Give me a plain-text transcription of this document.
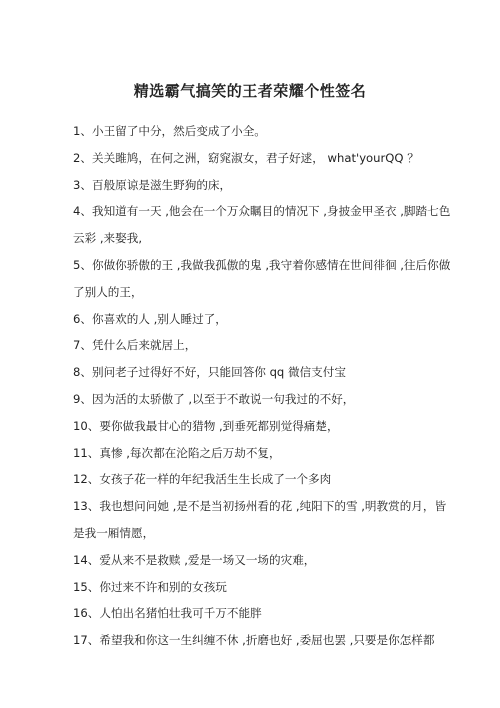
精选霸气搞笑的王者荣耀个性签名
1、小王留了中分，然后变成了小全。
2、关关雎鸠，在何之洲，窈窕淑女，君子好逑， what'yourQQ ？
3、百般原谅是滋生野狗的床，
4、我知道有一天 ,他会在一个万众瞩目的情况下 ,身披金甲圣衣 ,脚踏七色云彩 ,来娶我,
5、你做你骄傲的王 ,我做我孤傲的鬼 ,我守着你感情在世间徘徊 ,往后你做了别人的王，
6、你喜欢的人 ,别人睡过了，
7、凭什么后来就居上，
8、别问老子过得好不好，只能回答你 qq 微信支付宝
9、因为活的太骄傲了 ,以至于不敢说一句我过的不好，
10、要你做我最甘心的猎物 ,到垂死都别觉得痛楚，
11、真惨 ,每次都在沦陷之后万劫不复，
12、女孩子花一样的年纪我活生生长成了一个多肉
13、我也想问问她 ,是不是当初扬州看的花 ,纯阳下的雪 ,明教赏的月，皆是我一厢情愿，
14、爱从来不是救赎 ,爱是一场又一场的灾难，
15、你过来不许和别的女孩玩
16、人怕出名猪怕壮我可千万不能胖
17、希望我和你这一生纠缠不休 ,折磨也好 ,委屈也罢 ,只要是你怎样都
